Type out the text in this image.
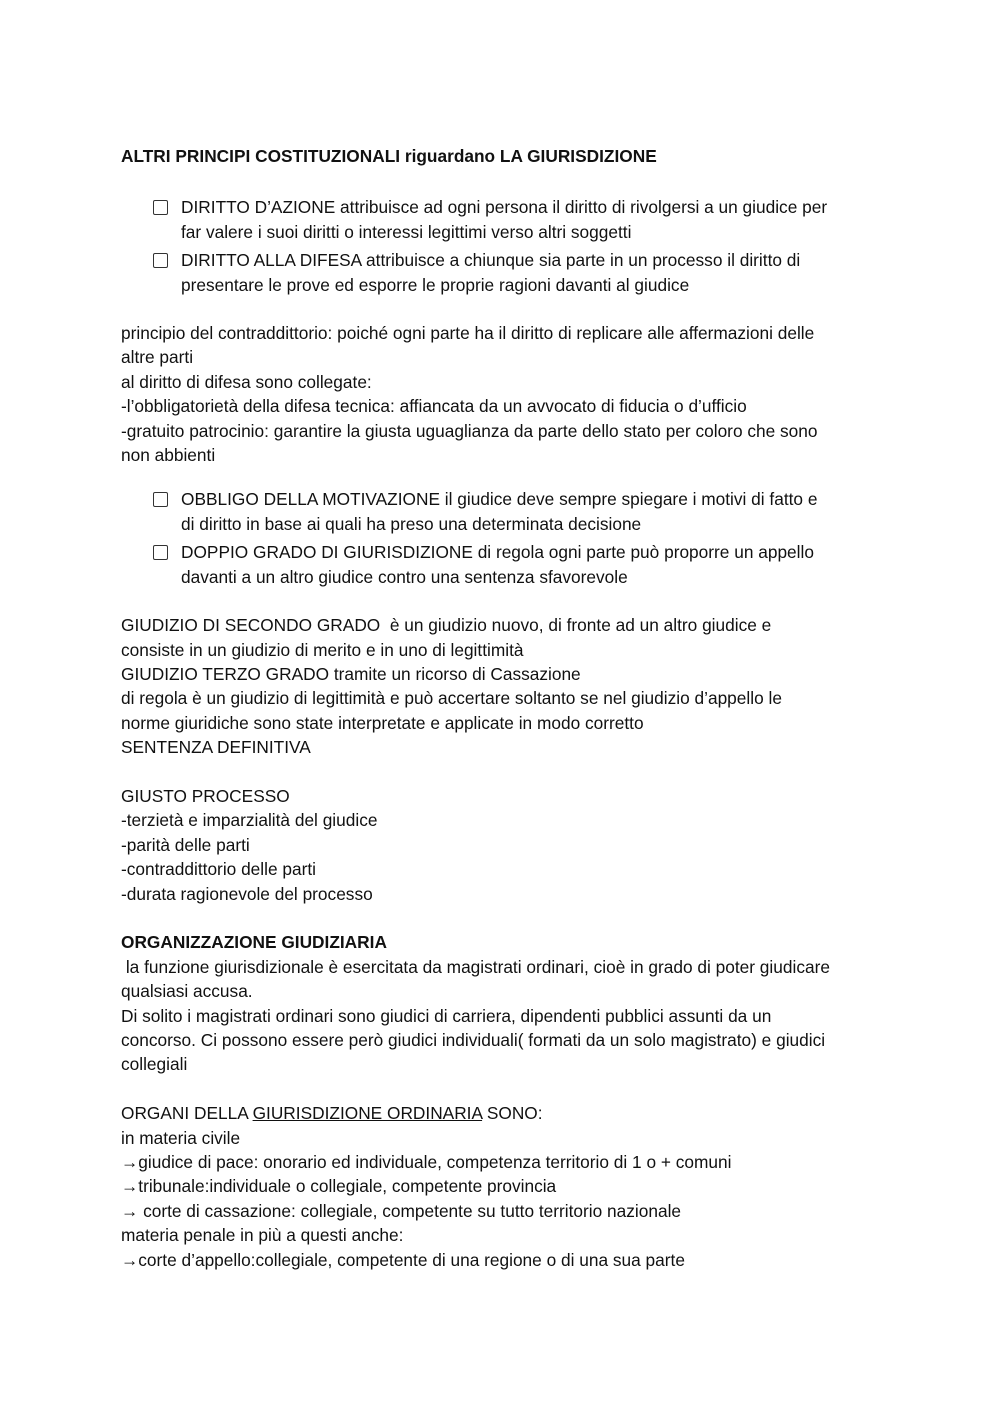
ALTRI PRINCIPI COSTITUZIONALI riguardano LA GIURISDIZIONE
DIRITTO D’AZIONE attribuisce ad ogni persona il diritto di rivolgersi a un giudice per
far valere i suoi diritti o interessi legittimi verso altri soggetti
DIRITTO ALLA DIFESA attribuisce a chiunque sia parte in un processo il diritto di
presentare le prove ed esporre le proprie ragioni davanti al giudice
principio del contraddittorio: poiché ogni parte ha il diritto di replicare alle affermazioni delle
altre parti
al diritto di difesa sono collegate:
-l’obbligatorietà della difesa tecnica: affiancata da un avvocato di fiducia o d’ufficio
-gratuito patrocinio: garantire la giusta uguaglianza da parte dello stato per coloro che sono
non abbienti
OBBLIGO DELLA MOTIVAZIONE il giudice deve sempre spiegare i motivi di fatto e
di diritto in base ai quali ha preso una determinata decisione
DOPPIO GRADO DI GIURISDIZIONE di regola ogni parte può proporre un appello
davanti a un altro giudice contro una sentenza sfavorevole
GIUDIZIO DI SECONDO GRADO  è un giudizio nuovo, di fronte ad un altro giudice e
consiste in un giudizio di merito e in uno di legittimità
GIUDIZIO TERZO GRADO tramite un ricorso di Cassazione
di regola è un giudizio di legittimità e può accertare soltanto se nel giudizio d’appello le
norme giuridiche sono state interpretate e applicate in modo corretto
SENTENZA DEFINITIVA
GIUSTO PROCESSO
-terzietà e imparzialità del giudice
-parità delle parti
-contraddittorio delle parti
-durata ragionevole del processo
ORGANIZZAZIONE GIUDIZIARIA
la funzione giurisdizionale è esercitata da magistrati ordinari, cioè in grado di poter giudicare
qualsiasi accusa.
Di solito i magistrati ordinari sono giudici di carriera, dipendenti pubblici assunti da un
concorso. Ci possono essere però giudici individuali( formati da un solo magistrato) e giudici
collegiali
ORGANI DELLA GIURISDIZIONE ORDINARIA SONO:
in materia civile
→giudice di pace: onorario ed individuale, competenza territorio di 1 o + comuni
→tribunale:individuale o collegiale, competente provincia
→ corte di cassazione: collegiale, competente su tutto territorio nazionale
materia penale in più a questi anche:
→corte d’appello:collegiale, competente di una regione o di una sua parte
